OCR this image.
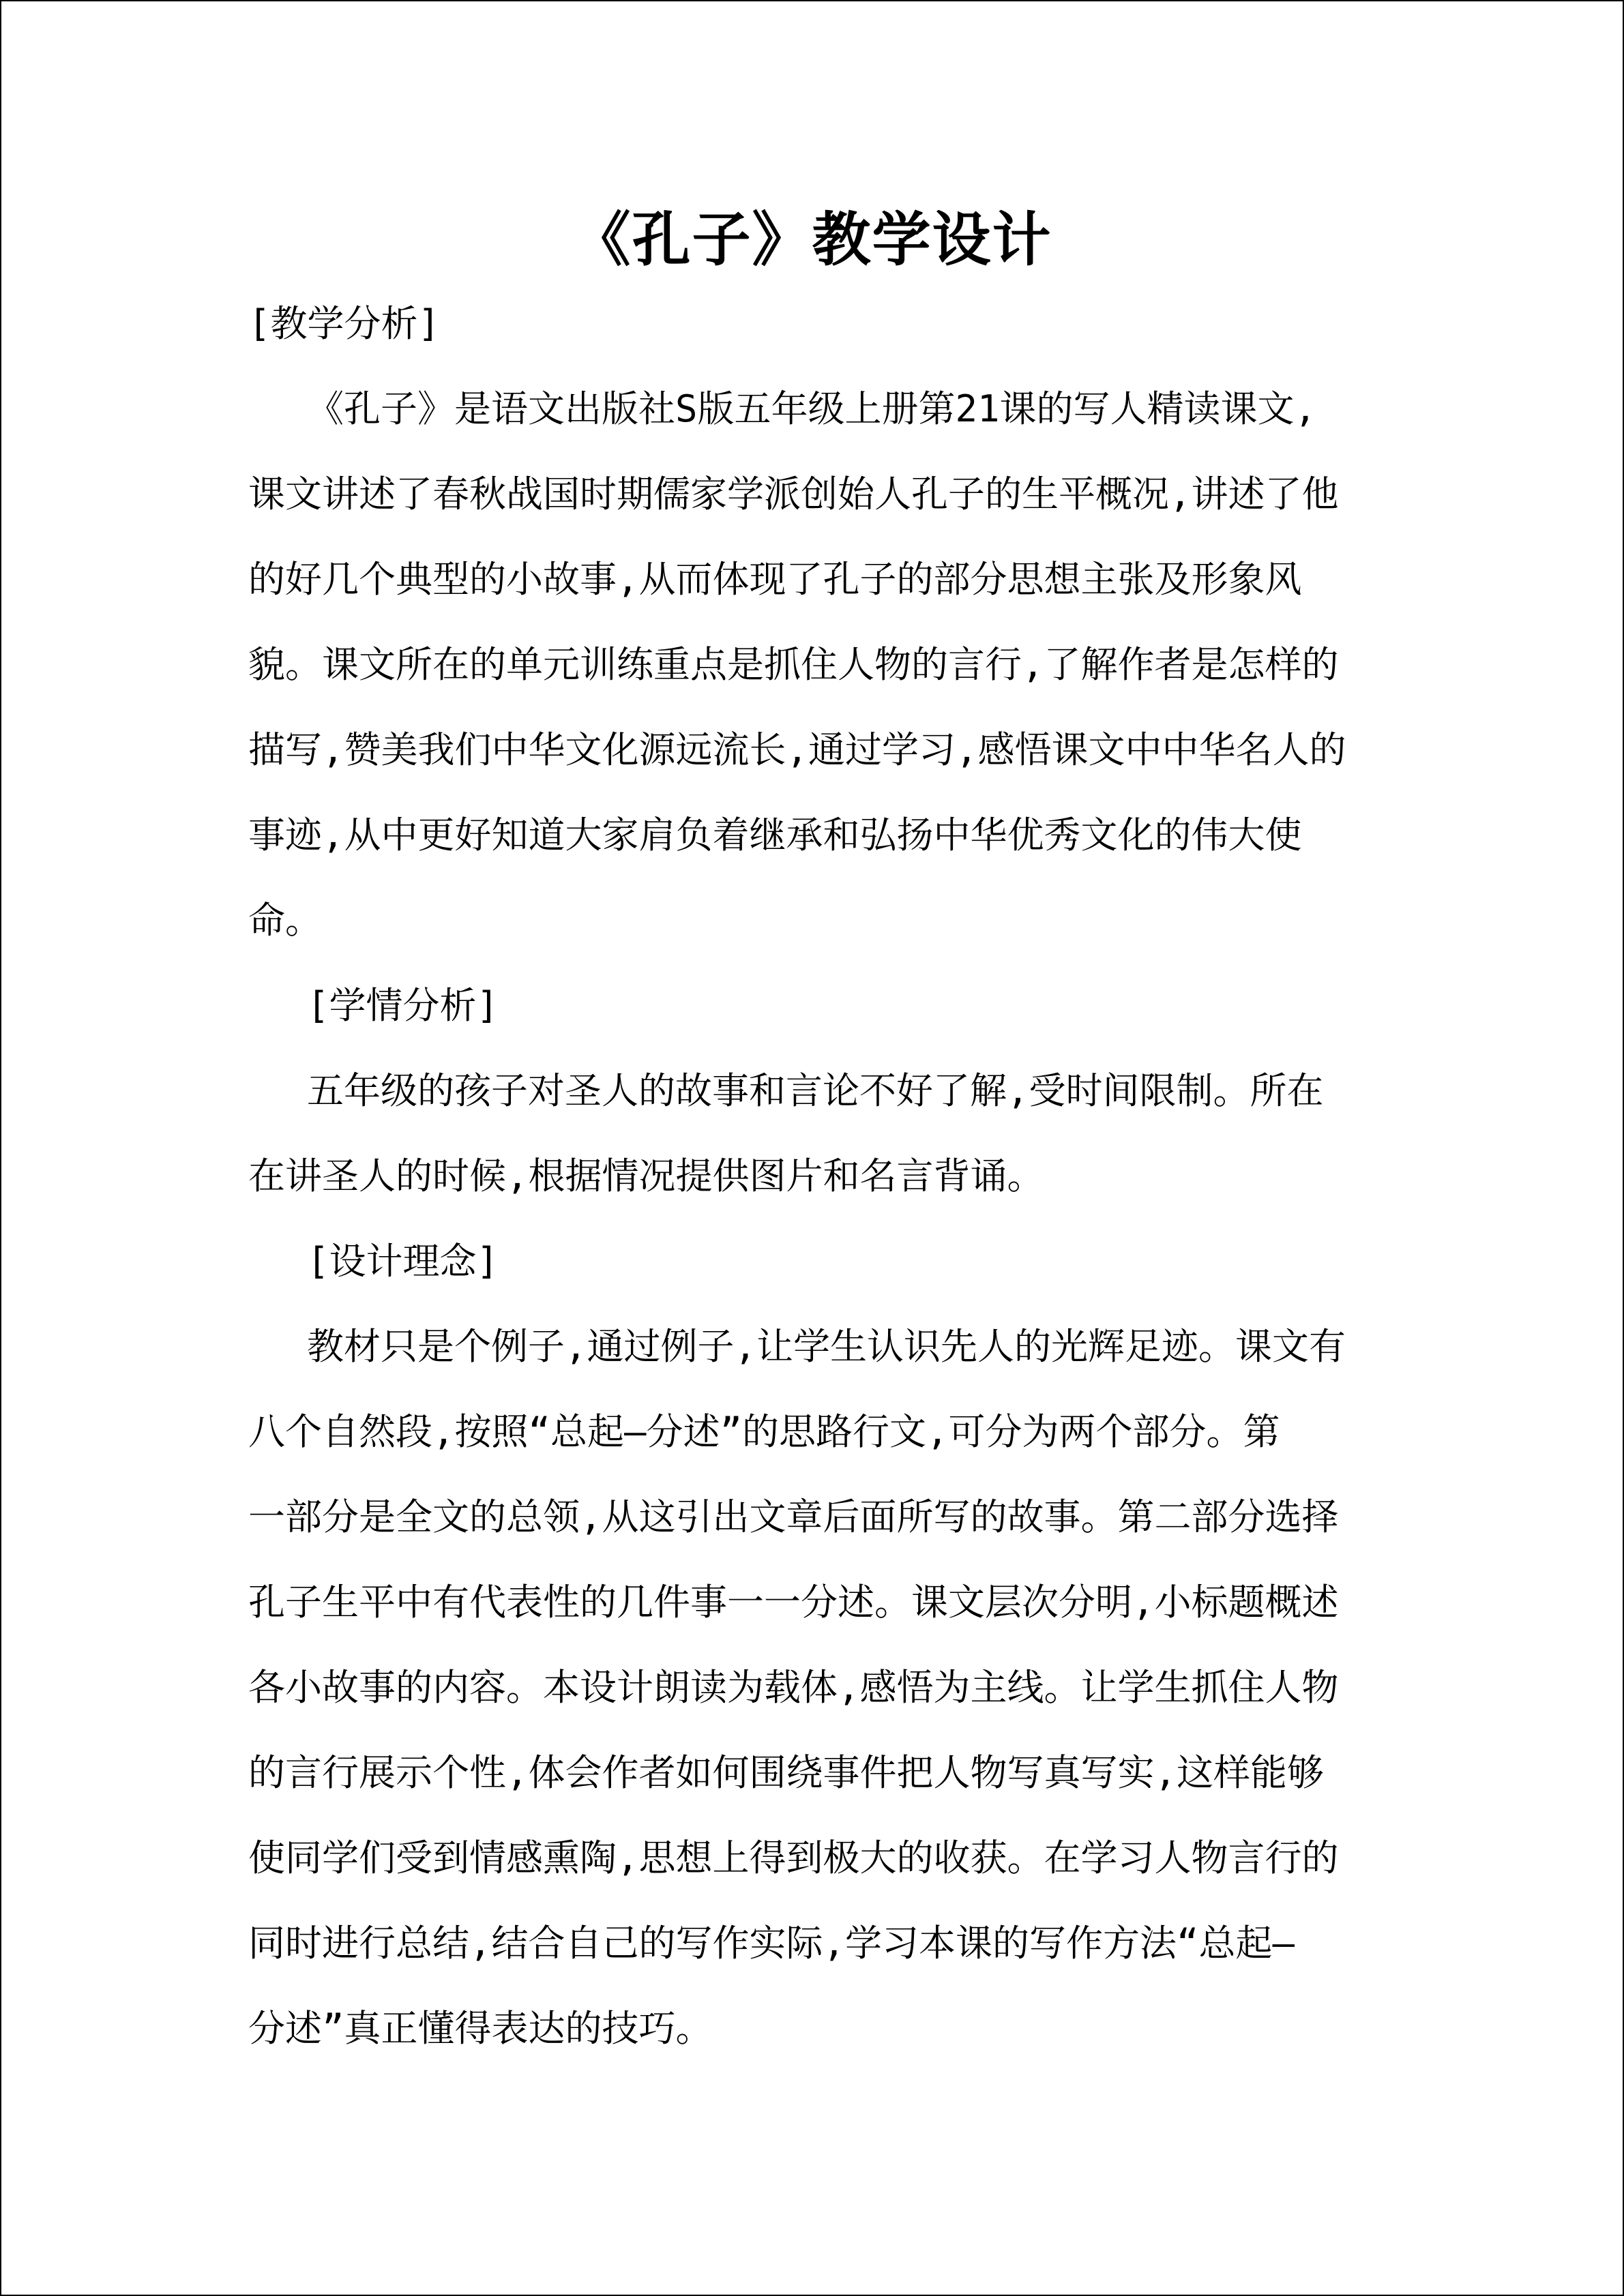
《孔子》教学设计
[教学分析]
《孔子》是语文出版社S版五年级上册第21课的写人精读课文,
课文讲述了春秋战国时期儒家学派创始人孔子的生平概况,讲述了他
的好几个典型的小故事,从而体现了孔子的部分思想主张及形象风
貌。课文所在的单元训练重点是抓住人物的言行,了解作者是怎样的
描写,赞美我们中华文化源远流长,通过学习,感悟课文中中华名人的
事迹,从中更好知道大家肩负着继承和弘扬中华优秀文化的伟大使
命。
[学情分析]
五年级的孩子对圣人的故事和言论不好了解,受时间限制。所在
在讲圣人的时候,根据情况提供图片和名言背诵。
[设计理念]
教材只是个例子,通过例子,让学生认识先人的光辉足迹。课文有
八个自然段,按照“总起—分述”的思路行文,可分为两个部分。第
一部分是全文的总领,从这引出文章后面所写的故事。第二部分选择
孔子生平中有代表性的几件事一一分述。课文层次分明,小标题概述
各小故事的内容。本设计朗读为载体,感悟为主线。让学生抓住人物
的言行展示个性,体会作者如何围绕事件把人物写真写实,这样能够
使同学们受到情感熏陶,思想上得到极大的收获。在学习人物言行的
同时进行总结,结合自己的写作实际,学习本课的写作方法“总起—
分述”真正懂得表达的技巧。
